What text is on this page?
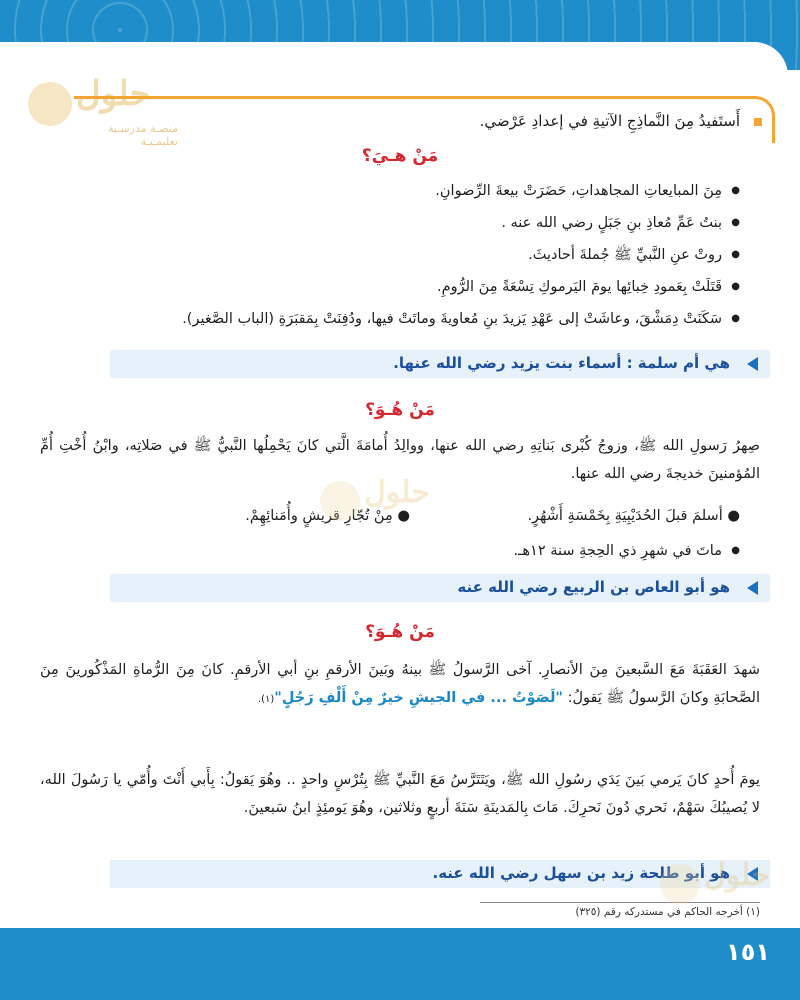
حلول
منصـة مدرسـية تعليمـيـة
أَستَفيدُ مِنَ النَّماذِجِ الآتيةِ في إعدادِ عَرْضي.
مَنْ هـيَ؟
● مِنَ المبايعاتِ المجاهداتِ، حَضَرَتْ بيعةَ الرِّضوانِ.
● بنتُ عَمِّ مُعاذِ بنِ جَبَلٍ رضي الله عنه .
● روتْ عنِ النَّبيِّ ﷺ جُملةَ أحاديثَ.
● قَتَلَتْ بِعَمودِ خِبائِها يومَ اليَرموكِ تِسْعَةً مِنَ الرُّومِ.
● سَكَنَتْ دِمَشْقَ، وعاشَتْ إلى عَهْدِ يَزيدَ بنِ مُعاويةَ وماتَتْ فيها، ودُفِنَتْ بِمَقبَرَةِ (الباب الصَّغير).
هي أم سلمة : أسماء بنت يزيد رضي الله عنها.
مَنْ هُـوَ؟

صِهرُ رَسولِ الله ﷺ، وزوجُ كُبْرى بَناتِهِ رضي الله عنها، ووالِدُ أُمامَةَ الَّتي كانَ يَحْمِلُها النَّبيُّ ﷺ في صَلاتِه، وابْنُ أُخْتِ أُمِّ المُؤمنينَ خديجةَ رضي الله عنها.

● أسلمَ قبلَ الحُدَيْبِيَةِ بِخَمْسَةِ أَشْهُرٍ.
● مِنْ تُجّارِ قريشٍ وأُمَنائِهِمْ.
● ماتَ في شهرِ ذي الحِجةِ سنة ١٢هـ.
هو أبو العاص بن الربيع رضي الله عنه
مَنْ هُـوَ؟

شهدَ العَقَبَةَ مَعَ السَّبعينَ مِنَ الأنصارِ. آخى الرَّسولُ ﷺ بينهُ وبَينَ الأرقمِ بنِ أبي الأرقمِ. كانَ مِنَ الرُّماةِ المَذْكُورينَ مِنَ الصَّحابَةِ وكانَ الرَّسولُ ﷺ يَقولُ: "لَصَوْتُ ... في الجيشِ خيرٌ مِنْ أَلْفِ رَجُلٍ"(١).

يومَ أُحدٍ كانَ يَرمي بَينَ يَدَي رسُولِ الله ﷺ، ويَتَتَرَّسُ مَعَ النَّبيِّ ﷺ بِتُرْسٍ واحدٍ .. وهُوَ يَقولُ: بِأَبي أَنْتَ وأُمّي يا رَسُولَ الله، لا يُصيبُكَ سَهْمٌ، نَحري دُونَ نَحرِكَ. مَاتَ بِالمَدينَةِ سَنَةَ أربعٍ وثلاثين، وهُوَ يَومئِذٍ ابنُ سَبعينَ.

هو أبو طلحة زيد بن سهل رضي الله عنه.
(١) أخرجه الحاكم في مستدركه رقم (٣٢٥)
حلول
حلول
١٥١
